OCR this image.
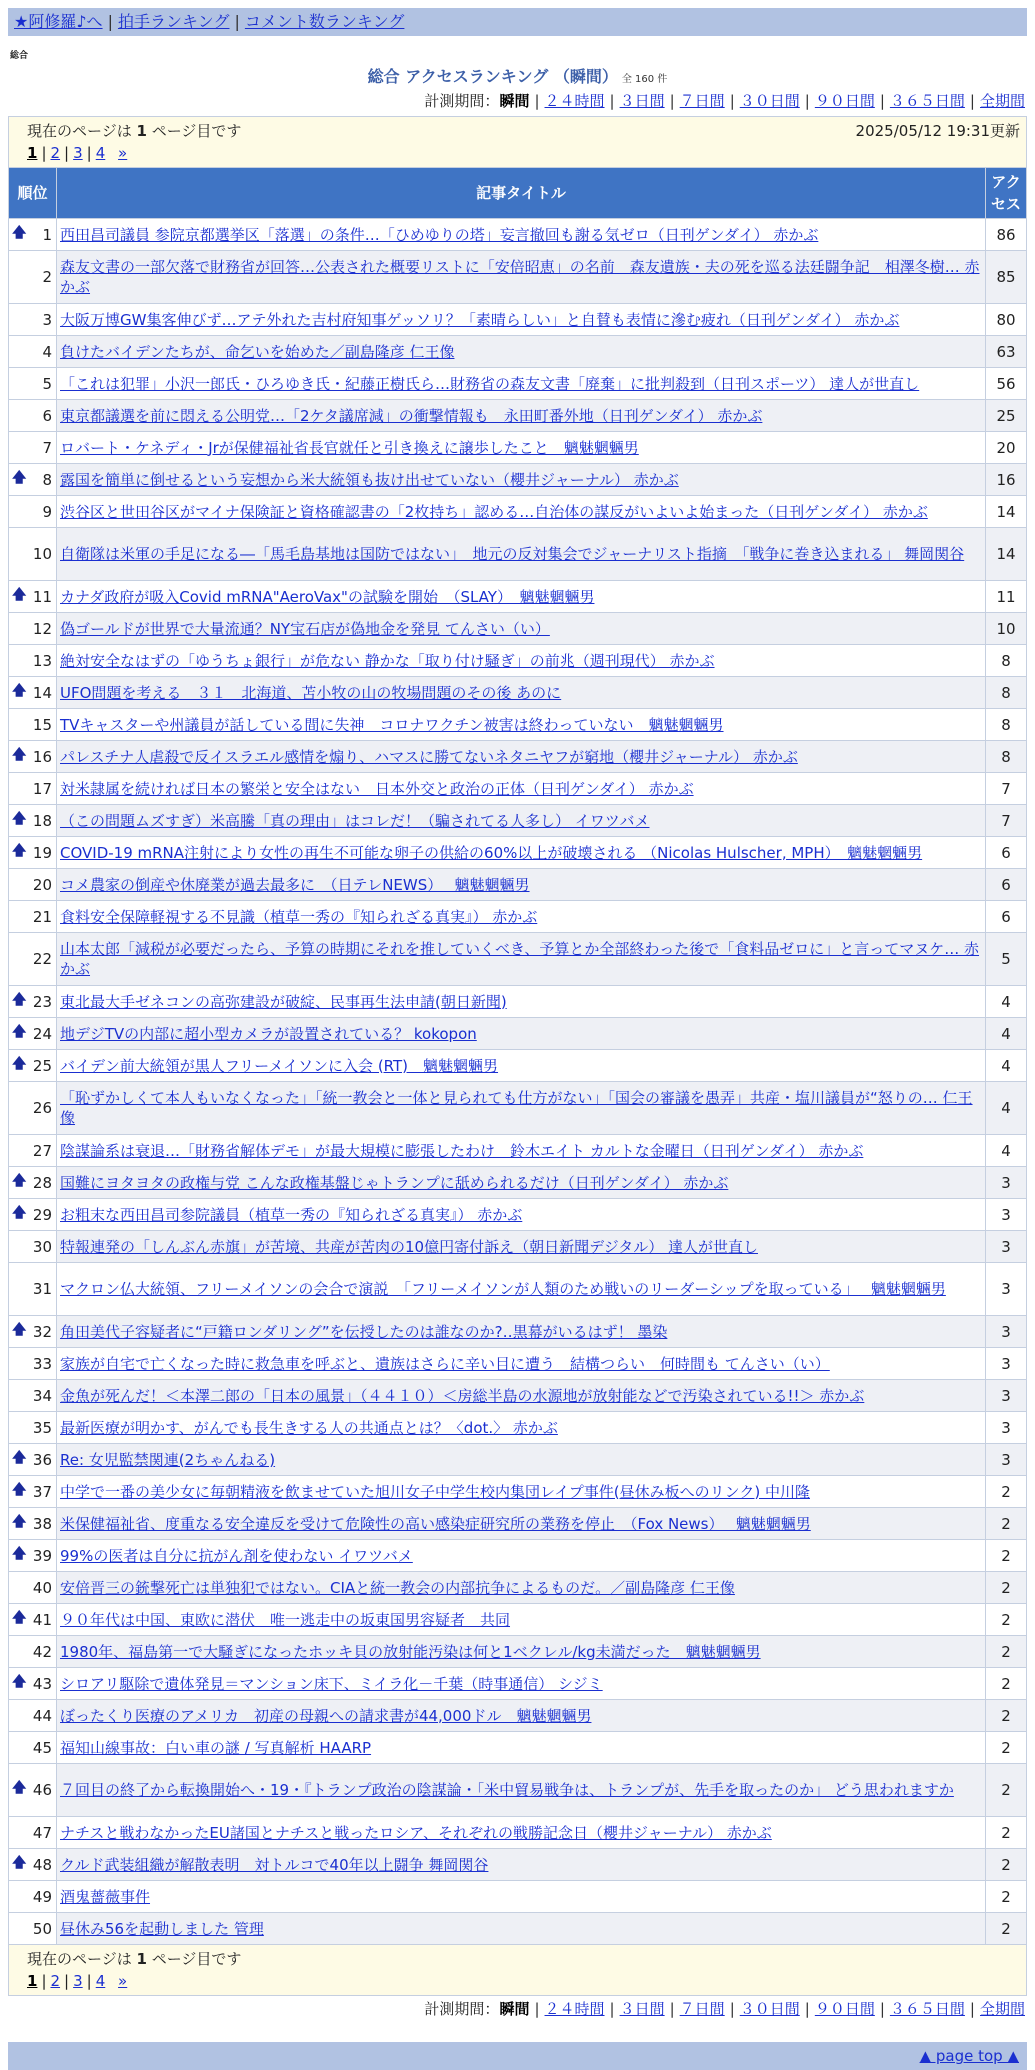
★阿修羅♪へ | 拍手ランキング | コメント数ランキング
総合
総合 アクセスランキング （瞬間） 全 160 件
計測期間：瞬間 | ２４時間 | ３日間 | ７日間 | ３０日間 | ９０日間 | ３６５日間 | 全期間
現在のページは 1 ページ目です 2025/05/12 19:31更新
1 | 2 | 3 | 4 »		

順位	記事タイトル	アクセス

🡅 1	西田昌司議員 参院京都選挙区「落選」の条件…「ひめゆりの塔」妄言撤回も謝る気ゼロ（日刊ゲンダイ） 赤かぶ	86
2	森友文書の一部欠落で財務省が回答…公表された概要リストに「安倍昭恵」の名前　森友遺族・夫の死を巡る法廷闘争記　相澤冬樹… 赤かぶ	85
3	大阪万博GW集客伸びず…アテ外れた吉村府知事ゲッソリ？「素晴らしい」と自賛も表情に滲む疲れ（日刊ゲンダイ） 赤かぶ	80
4	負けたバイデンたちが、命乞いを始めた／副島隆彦 仁王像	63
5	「これは犯罪」小沢一郎氏・ひろゆき氏・紀藤正樹氏ら…財務省の森友文書「廃棄」に批判殺到（日刊スポーツ） 達人が世直し	56
6	東京都議選を前に悶える公明党…「2ケタ議席減」の衝撃情報も　永田町番外地（日刊ゲンダイ） 赤かぶ	25
7	ロバート・ケネディ・Jrが保健福祉省長官就任と引き換えに譲歩したこと　魑魅魍魎男	20

🡅 8	露国を簡単に倒せるという妄想から米大統領も抜け出せていない（櫻井ジャーナル） 赤かぶ	16
9	渋谷区と世田谷区がマイナ保険証と資格確認書の「2枚持ち」認める…自治体の謀反がいよいよ始まった（日刊ゲンダイ） 赤かぶ	14
10	自衛隊は米軍の手足になる―「馬毛島基地は国防ではない」　地元の反対集会でジャーナリスト指摘　「戦争に巻き込まれる」 舞岡関谷	14

🡅 11	カナダ政府が吸入Covid mRNA"AeroVax"の試験を開始　（SLAY）　魑魅魍魎男	11
12	偽ゴールドが世界で大量流通？NY宝石店が偽地金を発見 てんさい（い）	10
13	絶対安全なはずの「ゆうちょ銀行」が危ない 静かな「取り付け騒ぎ」の前兆（週刊現代） 赤かぶ	8

🡅 14	UFO問題を考える　３１　北海道、苫小牧の山の牧場問題のその後 あのに	8
15	TVキャスターや州議員が話している間に失神　コロナワクチン被害は終わっていない　魑魅魍魎男	8

🡅 16	パレスチナ人虐殺で反イスラエル感情を煽り、ハマスに勝てないネタニヤフが窮地（櫻井ジャーナル） 赤かぶ	8
17	対米隷属を続ければ日本の繁栄と安全はない　日本外交と政治の正体（日刊ゲンダイ） 赤かぶ	7

🡅 18	（この問題ムズすぎ）米高騰「真の理由」はコレだ！（騙されてる人多し） イワツバメ	7

🡅 19	COVID-19 mRNA注射により女性の再生不可能な卵子の供給の60%以上が破壊される （Nicolas Hulscher, MPH）　魑魅魍魎男	6
20	コメ農家の倒産や休廃業が過去最多に　（日テレNEWS）　 魑魅魍魎男	6
21	食料安全保障軽視する不見識（植草一秀の『知られざる真実』） 赤かぶ	6
22	山本太郎「減税が必要だったら、予算の時期にそれを推していくべき、予算とか全部終わった後で「食料品ゼロに」と言ってマヌケ… 赤かぶ	5

🡅 23	東北最大手ゼネコンの高弥建設が破綻、民事再生法申請(朝日新聞)	4

🡅 24	地デジTVの内部に超小型カメラが設置されている？ kokopon	4

🡅 25	バイデン前大統領が黒人フリーメイソンに入会 (RT)　魑魅魍魎男	4
26	「恥ずかしくて本人もいなくなった」「統一教会と一体と見られても仕方がない」「国会の審議を愚弄」共産・塩川議員が“怒りの… 仁王像	4
27	陰謀論系は衰退…「財務省解体デモ」が最大規模に膨張したわけ　鈴木エイト カルトな金曜日（日刊ゲンダイ） 赤かぶ	4

🡅 28	国難にヨタヨタの政権与党 こんな政権基盤じゃトランプに舐められるだけ（日刊ゲンダイ） 赤かぶ	3

🡅 29	お粗末な西田昌司参院議員（植草一秀の『知られざる真実』） 赤かぶ	3
30	特報連発の「しんぶん赤旗」が苦境、共産が苦肉の10億円寄付訴え（朝日新聞デジタル） 達人が世直し	3
31	マクロン仏大統領、フリーメイソンの会合で演説　「フリーメイソンが人類のため戦いのリーダーシップを取っている」　 魑魅魍魎男	3

🡅 32	角田美代子容疑者に“戸籍ロンダリング”を伝授したのは誰なのか?‥黒幕がいるはず！ 墨染	3
33	家族が自宅で亡くなった時に救急車を呼ぶと、遺族はさらに辛い目に遭う　結構つらい　何時間も てんさい（い）	3
34	金魚が死んだ！＜本澤二郎の「日本の風景」（４４１０）＜房総半島の水源地が放射能などで汚染されている!!＞ 赤かぶ	3
35	最新医療が明かす、がんでも長生きする人の共通点とは？〈dot.〉 赤かぶ	3

🡅 36	Re: 女児監禁関連(2ちゃんねる)	3

🡅 37	中学で一番の美少女に毎朝精液を飲ませていた旭川女子中学生校内集団レイプ事件(昼休み板へのリンク) 中川隆	2

🡅 38	米保健福祉省、度重なる安全違反を受けて危険性の高い感染症研究所の業務を停止　（Fox News）　 魑魅魍魎男	2

🡅 39	99%の医者は自分に抗がん剤を使わない イワツバメ	2
40	安倍晋三の銃撃死亡は単独犯ではない。CIAと統一教会の内部抗争によるものだ。／副島隆彦 仁王像	2

🡅 41	９０年代は中国、東欧に潜伏　唯一逃走中の坂東国男容疑者　共同	2
42	1980年、福島第一で大騒ぎになったホッキ貝の放射能汚染は何と1ベクレル/kg未満だった　魑魅魍魎男	2

🡅 43	シロアリ駆除で遺体発見＝マンション床下、ミイラ化－千葉（時事通信） シジミ	2
44	ぼったくり医療のアメリカ　初産の母親への請求書が44,000ドル　魑魅魍魎男	2
45	福知山線事故：白い車の謎 / 写真解析 HAARP	2

🡅 46	７回目の終了から転換開始へ・19・『トランプ政治の陰謀論・「米中貿易戦争は、トランプが、先手を取ったのか」 どう思われますか	2
47	ナチスと戦わなかったEU諸国とナチスと戦ったロシア、それぞれの戦勝記念日（櫻井ジャーナル） 赤かぶ	2

🡅 48	クルド武装組織が解散表明　対トルコで40年以上闘争 舞岡関谷	2
49	酒鬼薔薇事件	2
50	昼休み56を起動しました 管理	2
現在のページは 1 ページ目です
1 | 2 | 3 | 4 »
計測期間：瞬間 | ２４時間 | ３日間 | ７日間 | ３０日間 | ９０日間 | ３６５日間 | 全期間
▲ page top ▲
